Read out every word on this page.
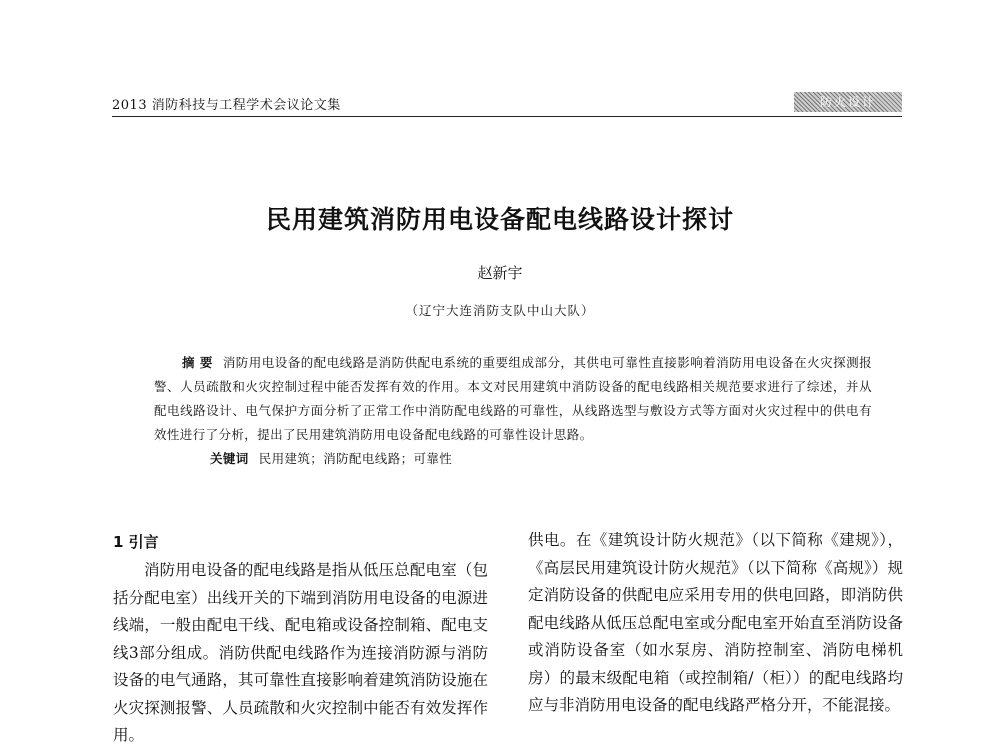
2013 消防科技与工程学术会议论文集	防火设计
民用建筑消防用电设备配电线路设计探讨
赵新宇
（辽宁大连消防支队中山大队）

摘 要 消防用电设备的配电线路是消防供配电系统的重要组成部分，其供电可靠性直接影响着消防用电设备在火灾探测报警、人员疏散和火灾控制过程中能否发挥有效的作用。本文对民用建筑中消防设备的配电线路相关规范要求进行了综述，并从配电线路设计、电气保护方面分析了正常工作中消防配电线路的可靠性，从线路选型与敷设方式等方面对火灾过程中的供电有效性进行了分析，提出了民用建筑消防用电设备配电线路的可靠性设计思路。

关键词 民用建筑；消防配电线路；可靠性

1 引言

消防用电设备的配电线路是指从低压总配电室（包括分配电室）出线开关的下端到消防用电设备的电源进线端，一般由配电干线、配电箱或设备控制箱、配电支线3部分组成。消防供配电线路作为连接消防源与消防设备的电气通路，其可靠性直接影响着建筑消防设施在火灾探测报警、人员疏散和火灾控制中能否有效发挥作用。

供电。在《建筑设计防火规范》（以下简称《建规》），《高层民用建筑设计防火规范》（以下简称《高规》）规定消防设备的供配电应采用专用的供电回路，即消防供配电线路从低压总配电室或分配电室开始直至消防设备或消防设备室（如水泵房、消防控制室、消防电梯机房）的最末级配电箱（或控制箱/（柜））的配电线路均应与非消防用电设备的配电线路严格分开，不能混接。
